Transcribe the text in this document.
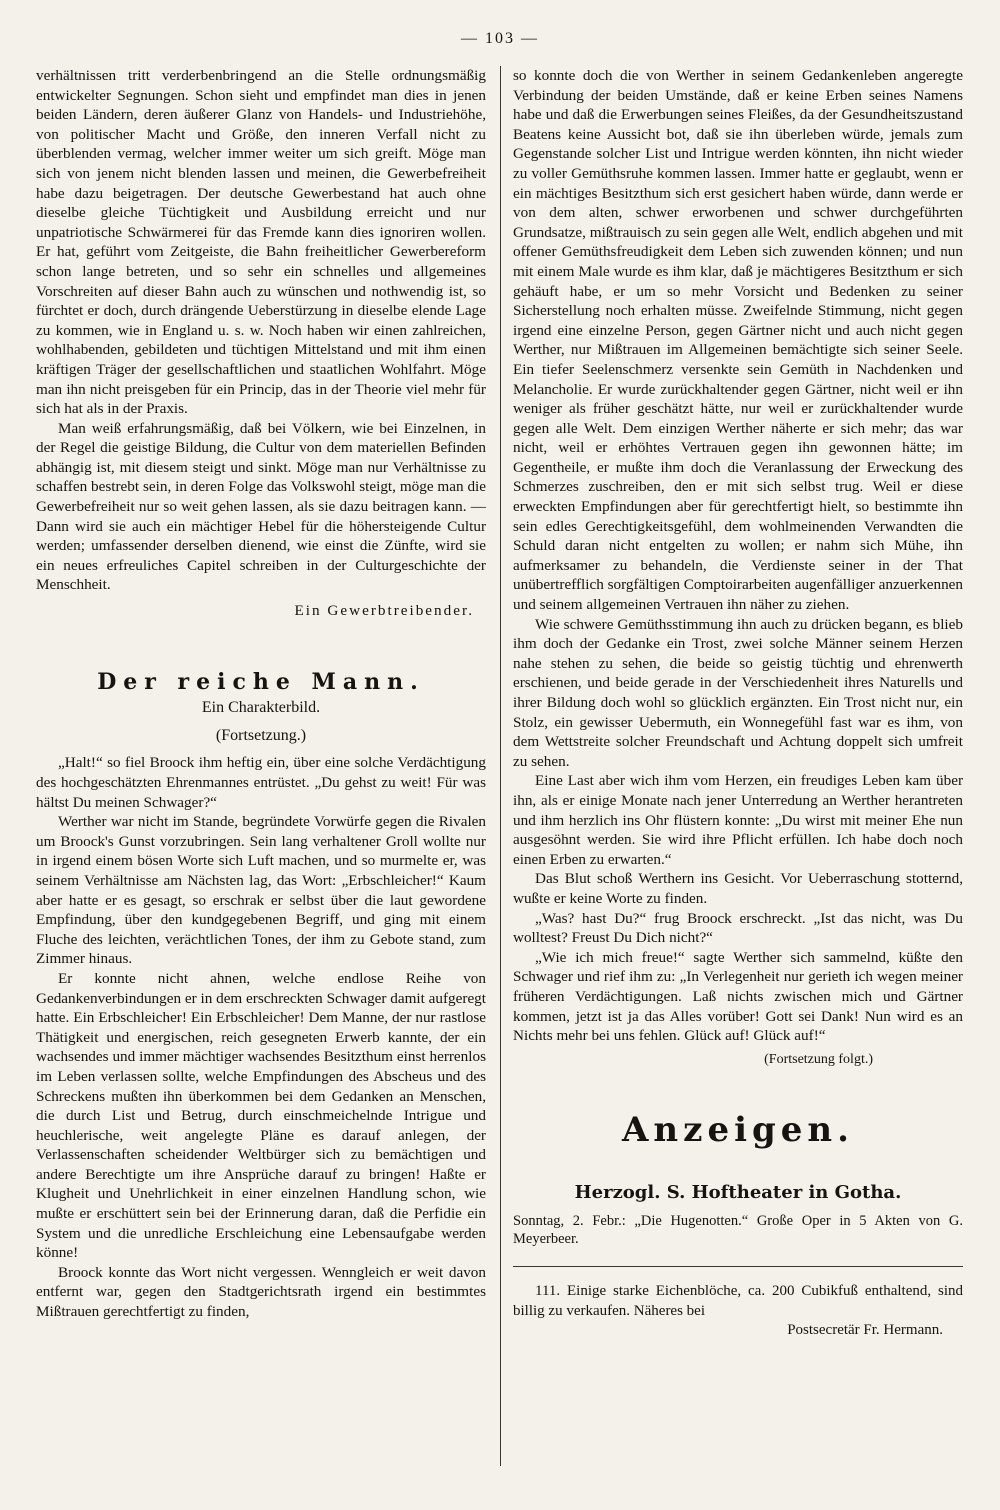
— 103 —

verhältnissen tritt verderbenbringend an die Stelle ordnungsmäßig entwickelter Segnungen. Schon sieht und empfindet man dies in jenen beiden Ländern, deren äußerer Glanz von Handels- und Industriehöhe, von politischer Macht und Größe, den inneren Verfall nicht zu überblenden vermag, welcher immer weiter um sich greift. Möge man sich von jenem nicht blenden lassen und meinen, die Gewerbefreiheit habe dazu beigetragen. Der deutsche Gewerbestand hat auch ohne dieselbe gleiche Tüchtigkeit und Ausbildung erreicht und nur unpatriotische Schwärmerei für das Fremde kann dies ignoriren wollen. Er hat, geführt vom Zeitgeiste, die Bahn freiheitlicher Gewerbereform schon lange betreten, und so sehr ein schnelles und allgemeines Vorschreiten auf dieser Bahn auch zu wünschen und nothwendig ist, so fürchtet er doch, durch drängende Ueberstürzung in dieselbe elende Lage zu kommen, wie in England u. s. w. Noch haben wir einen zahlreichen, wohlhabenden, gebildeten und tüchtigen Mittelstand und mit ihm einen kräftigen Träger der gesellschaftlichen und staatlichen Wohlfahrt. Möge man ihn nicht preisgeben für ein Princip, das in der Theorie viel mehr für sich hat als in der Praxis.

Man weiß erfahrungsmäßig, daß bei Völkern, wie bei Einzelnen, in der Regel die geistige Bildung, die Cultur von dem materiellen Befinden abhängig ist, mit diesem steigt und sinkt. Möge man nur Verhältnisse zu schaffen bestrebt sein, in deren Folge das Volkswohl steigt, möge man die Gewerbefreiheit nur so weit gehen lassen, als sie dazu beitragen kann. — Dann wird sie auch ein mächtiger Hebel für die höhersteigende Cultur werden; umfassender derselben dienend, wie einst die Zünfte, wird sie ein neues erfreuliches Capitel schreiben in der Culturgeschichte der Menschheit.

Ein Gewerbtreibender.

Der reiche Mann.
Ein Charakterbild.
(Fortsetzung.)

„Halt!“ so fiel Broock ihm heftig ein, über eine solche Verdächtigung des hochgeschätzten Ehrenmannes entrüstet. „Du gehst zu weit! Für was hältst Du meinen Schwager?“

Werther war nicht im Stande, begründete Vorwürfe gegen die Rivalen um Broock's Gunst vorzubringen. Sein lang verhaltener Groll wollte nur in irgend einem bösen Worte sich Luft machen, und so murmelte er, was seinem Verhältnisse am Nächsten lag, das Wort: „Erbschleicher!“ Kaum aber hatte er es gesagt, so erschrak er selbst über die laut gewordene Empfindung, über den kundgegebenen Begriff, und ging mit einem Fluche des leichten, verächtlichen Tones, der ihm zu Gebote stand, zum Zimmer hinaus.

Er konnte nicht ahnen, welche endlose Reihe von Gedankenverbindungen er in dem erschreckten Schwager damit aufgeregt hatte. Ein Erbschleicher! Ein Erbschleicher! Dem Manne, der nur rastlose Thätigkeit und energischen, reich gesegneten Erwerb kannte, der ein wachsendes und immer mächtiger wachsendes Besitzthum einst herrenlos im Leben verlassen sollte, welche Empfindungen des Abscheus und des Schreckens mußten ihn überkommen bei dem Gedanken an Menschen, die durch List und Betrug, durch einschmeichelnde Intrigue und heuchlerische, weit angelegte Pläne es darauf anlegen, der Verlassenschaften scheidender Weltbürger sich zu bemächtigen und andere Berechtigte um ihre Ansprüche darauf zu bringen! Haßte er Klugheit und Unehrlichkeit in einer einzelnen Handlung schon, wie mußte er erschüttert sein bei der Erinnerung daran, daß die Perfidie ein System und die unredliche Erschleichung eine Lebensaufgabe werden könne!

Broock konnte das Wort nicht vergessen. Wenngleich er weit davon entfernt war, gegen den Stadtgerichtsrath irgend ein bestimmtes Mißtrauen gerechtfertigt zu finden,

so konnte doch die von Werther in seinem Gedankenleben angeregte Verbindung der beiden Umstände, daß er keine Erben seines Namens habe und daß die Erwerbungen seines Fleißes, da der Gesundheitszustand Beatens keine Aussicht bot, daß sie ihn überleben würde, jemals zum Gegenstande solcher List und Intrigue werden könnten, ihn nicht wieder zu voller Gemüthsruhe kommen lassen. Immer hatte er geglaubt, wenn er ein mächtiges Besitzthum sich erst gesichert haben würde, dann werde er von dem alten, schwer erworbenen und schwer durchgeführten Grundsatze, mißtrauisch zu sein gegen alle Welt, endlich abgehen und mit offener Gemüthsfreudigkeit dem Leben sich zuwenden können; und nun mit einem Male wurde es ihm klar, daß je mächtigeres Besitzthum er sich gehäuft habe, er um so mehr Vorsicht und Bedenken zu seiner Sicherstellung noch erhalten müsse. Zweifelnde Stimmung, nicht gegen irgend eine einzelne Person, gegen Gärtner nicht und auch nicht gegen Werther, nur Mißtrauen im Allgemeinen bemächtigte sich seiner Seele. Ein tiefer Seelenschmerz versenkte sein Gemüth in Nachdenken und Melancholie. Er wurde zurückhaltender gegen Gärtner, nicht weil er ihn weniger als früher geschätzt hätte, nur weil er zurückhaltender wurde gegen alle Welt. Dem einzigen Werther näherte er sich mehr; das war nicht, weil er erhöhtes Vertrauen gegen ihn gewonnen hätte; im Gegentheile, er mußte ihm doch die Veranlassung der Erweckung des Schmerzes zuschreiben, den er mit sich selbst trug. Weil er diese erweckten Empfindungen aber für gerechtfertigt hielt, so bestimmte ihn sein edles Gerechtigkeitsgefühl, dem wohlmeinenden Verwandten die Schuld daran nicht entgelten zu wollen; er nahm sich Mühe, ihn aufmerksamer zu behandeln, die Verdienste seiner in der That unübertrefflich sorgfältigen Comptoirarbeiten augenfälliger anzuerkennen und seinem allgemeinen Vertrauen ihn näher zu ziehen.

Wie schwere Gemüthsstimmung ihn auch zu drücken begann, es blieb ihm doch der Gedanke ein Trost, zwei solche Männer seinem Herzen nahe stehen zu sehen, die beide so geistig tüchtig und ehrenwerth erschienen, und beide gerade in der Verschiedenheit ihres Naturells und ihrer Bildung doch wohl so glücklich ergänzten. Ein Trost nicht nur, ein Stolz, ein gewisser Uebermuth, ein Wonnegefühl fast war es ihm, von dem Wettstreite solcher Freundschaft und Achtung doppelt sich umfreit zu sehen.

Eine Last aber wich ihm vom Herzen, ein freudiges Leben kam über ihn, als er einige Monate nach jener Unterredung an Werther herantreten und ihm herzlich ins Ohr flüstern konnte: „Du wirst mit meiner Ehe nun ausgesöhnt werden. Sie wird ihre Pflicht erfüllen. Ich habe doch noch einen Erben zu erwarten.“

Das Blut schoß Werthern ins Gesicht. Vor Ueberraschung stotternd, wußte er keine Worte zu finden.

„Was? hast Du?“ frug Broock erschreckt. „Ist das nicht, was Du wolltest? Freust Du Dich nicht?“

„Wie ich mich freue!“ sagte Werther sich sammelnd, küßte den Schwager und rief ihm zu: „In Verlegenheit nur gerieth ich wegen meiner früheren Verdächtigungen. Laß nichts zwischen mich und Gärtner kommen, jetzt ist ja das Alles vorüber! Gott sei Dank! Nun wird es an Nichts mehr bei uns fehlen. Glück auf! Glück auf!“

(Fortsetzung folgt.)
Anzeigen.
Herzogl. S. Hoftheater in Gotha.

Sonntag, 2. Febr.: „Die Hugenotten.“ Große Oper in 5 Akten von G. Meyerbeer.

111. Einige starke Eichenblöche, ca. 200 Cubikfuß enthaltend, sind billig zu verkaufen. Näheres bei

Postsecretär Fr. Hermann.
